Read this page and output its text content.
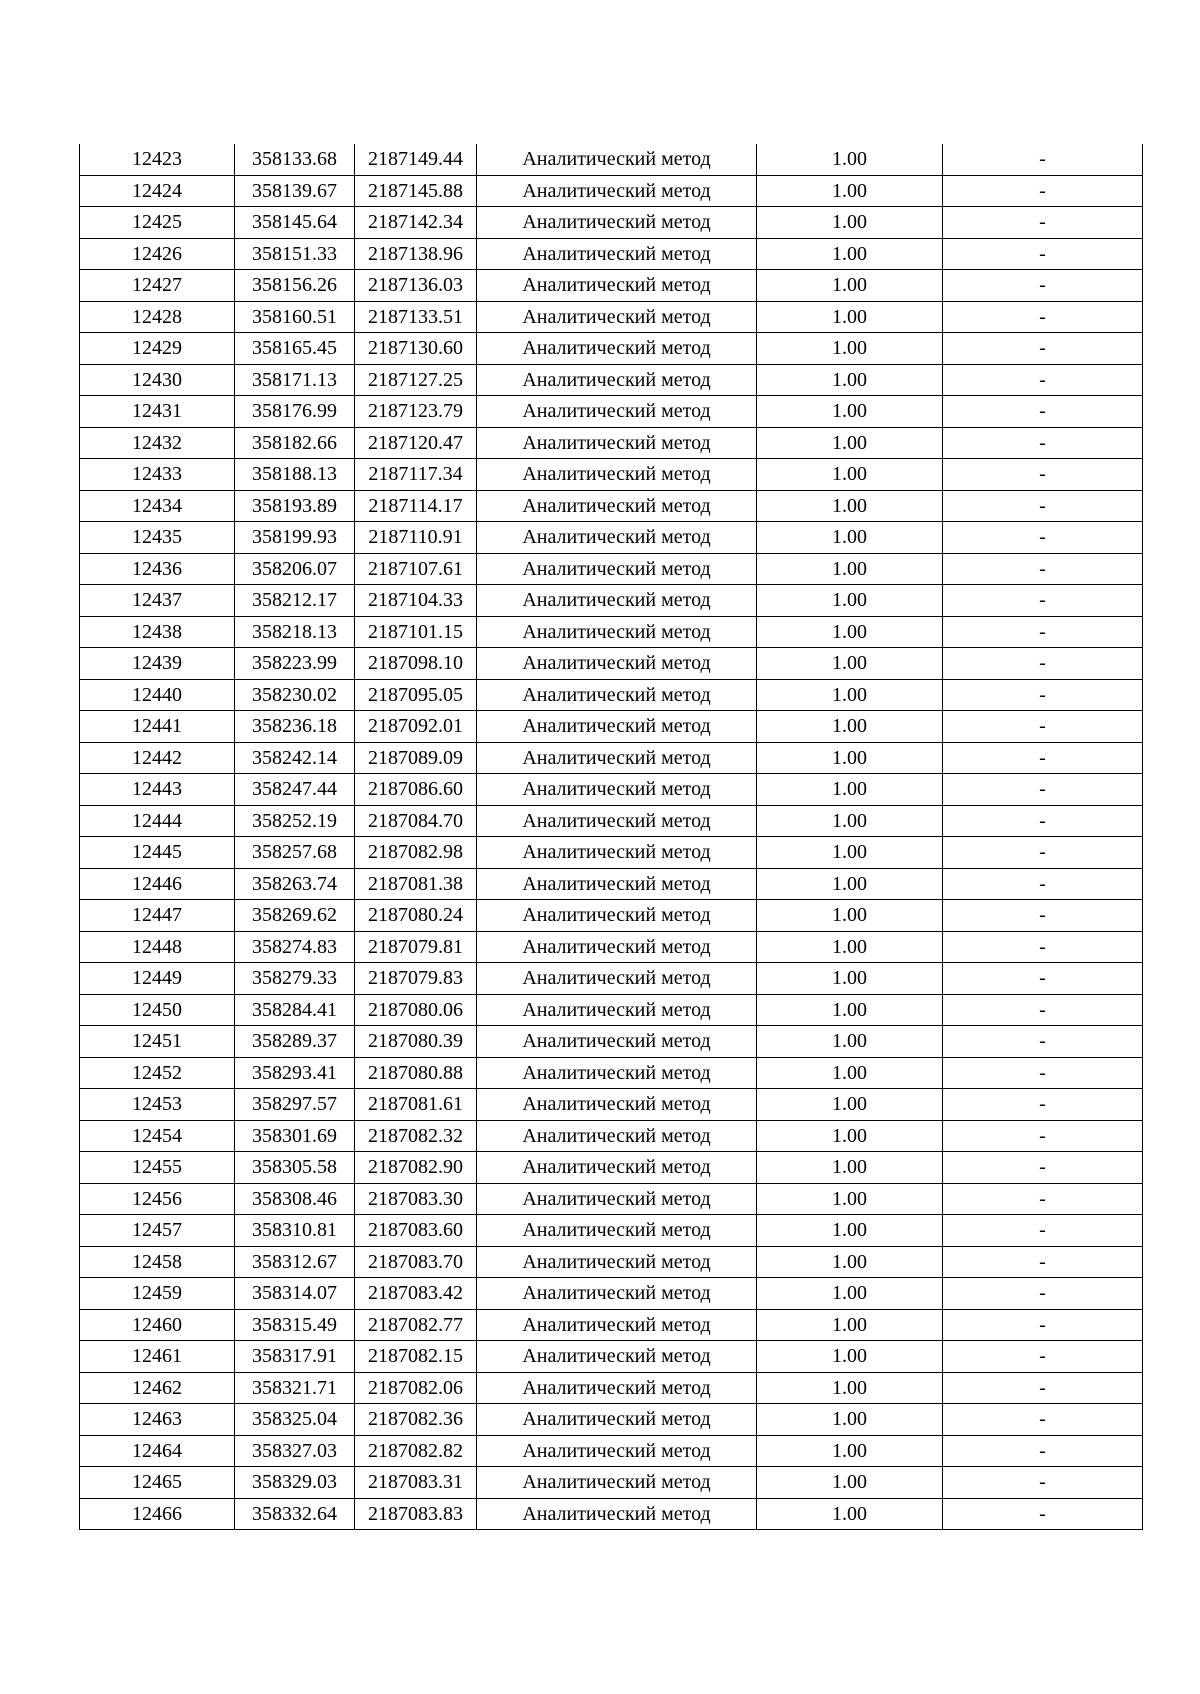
12423	358133.68	2187149.44	Аналитический метод	1.00	-
12424	358139.67	2187145.88	Аналитический метод	1.00	-
12425	358145.64	2187142.34	Аналитический метод	1.00	-
12426	358151.33	2187138.96	Аналитический метод	1.00	-
12427	358156.26	2187136.03	Аналитический метод	1.00	-
12428	358160.51	2187133.51	Аналитический метод	1.00	-
12429	358165.45	2187130.60	Аналитический метод	1.00	-
12430	358171.13	2187127.25	Аналитический метод	1.00	-
12431	358176.99	2187123.79	Аналитический метод	1.00	-
12432	358182.66	2187120.47	Аналитический метод	1.00	-
12433	358188.13	2187117.34	Аналитический метод	1.00	-
12434	358193.89	2187114.17	Аналитический метод	1.00	-
12435	358199.93	2187110.91	Аналитический метод	1.00	-
12436	358206.07	2187107.61	Аналитический метод	1.00	-
12437	358212.17	2187104.33	Аналитический метод	1.00	-
12438	358218.13	2187101.15	Аналитический метод	1.00	-
12439	358223.99	2187098.10	Аналитический метод	1.00	-
12440	358230.02	2187095.05	Аналитический метод	1.00	-
12441	358236.18	2187092.01	Аналитический метод	1.00	-
12442	358242.14	2187089.09	Аналитический метод	1.00	-
12443	358247.44	2187086.60	Аналитический метод	1.00	-
12444	358252.19	2187084.70	Аналитический метод	1.00	-
12445	358257.68	2187082.98	Аналитический метод	1.00	-
12446	358263.74	2187081.38	Аналитический метод	1.00	-
12447	358269.62	2187080.24	Аналитический метод	1.00	-
12448	358274.83	2187079.81	Аналитический метод	1.00	-
12449	358279.33	2187079.83	Аналитический метод	1.00	-
12450	358284.41	2187080.06	Аналитический метод	1.00	-
12451	358289.37	2187080.39	Аналитический метод	1.00	-
12452	358293.41	2187080.88	Аналитический метод	1.00	-
12453	358297.57	2187081.61	Аналитический метод	1.00	-
12454	358301.69	2187082.32	Аналитический метод	1.00	-
12455	358305.58	2187082.90	Аналитический метод	1.00	-
12456	358308.46	2187083.30	Аналитический метод	1.00	-
12457	358310.81	2187083.60	Аналитический метод	1.00	-
12458	358312.67	2187083.70	Аналитический метод	1.00	-
12459	358314.07	2187083.42	Аналитический метод	1.00	-
12460	358315.49	2187082.77	Аналитический метод	1.00	-
12461	358317.91	2187082.15	Аналитический метод	1.00	-
12462	358321.71	2187082.06	Аналитический метод	1.00	-
12463	358325.04	2187082.36	Аналитический метод	1.00	-
12464	358327.03	2187082.82	Аналитический метод	1.00	-
12465	358329.03	2187083.31	Аналитический метод	1.00	-
12466	358332.64	2187083.83	Аналитический метод	1.00	-
